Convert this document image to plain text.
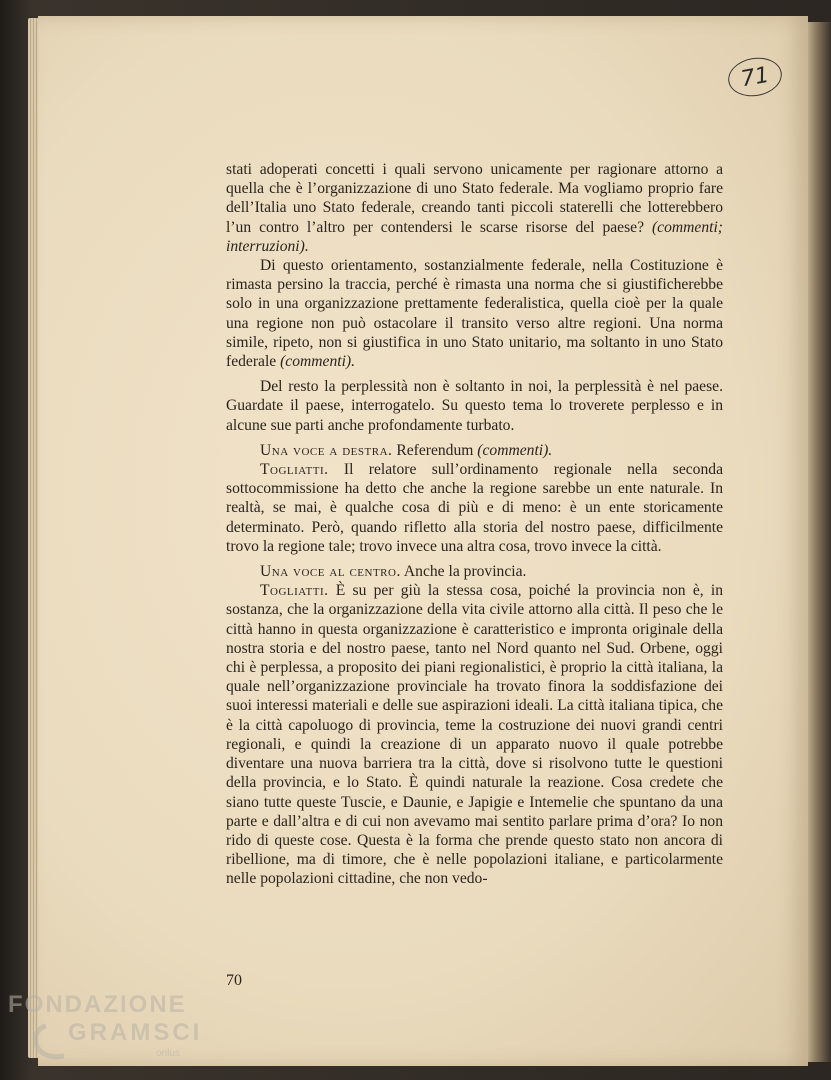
71

stati adoperati concetti i quali servono unicamente per ragionare attorno a quella che è l’organizzazione di uno Stato federale. Ma vogliamo proprio fare dell’Italia uno Stato federale, creando tanti piccoli staterelli che lotterebbero l’un contro l’altro per contendersi le scarse risorse del paese? (commenti; interruzioni).

Di questo orientamento, sostanzialmente federale, nella Costituzione è rimasta persino la traccia, perché è rimasta una norma che si giustificherebbe solo in una organizzazione prettamente federalistica, quella cioè per la quale una regione non può ostacolare il transito verso altre regioni. Una norma simile, ripeto, non si giustifica in uno Stato unitario, ma soltanto in uno Stato federale (commenti).

Del resto la perplessità non è soltanto in noi, la perplessità è nel paese. Guardate il paese, interrogatelo. Su questo tema lo troverete perplesso e in alcune sue parti anche profondamente turbato.

Una voce a destra. Referendum (commenti).

Togliatti. Il relatore sull’ordinamento regionale nella seconda sottocommissione ha detto che anche la regione sarebbe un ente naturale. In realtà, se mai, è qualche cosa di più e di meno: è un ente storicamente determinato. Però, quando rifletto alla storia del nostro paese, difficilmente trovo la regione tale; trovo invece una altra cosa, trovo invece la città.

Una voce al centro. Anche la provincia.

Togliatti. È su per giù la stessa cosa, poiché la provincia non è, in sostanza, che la organizzazione della vita civile attorno alla città. Il peso che le città hanno in questa organizzazione è caratteristico e impronta originale della nostra storia e del nostro paese, tanto nel Nord quanto nel Sud. Orbene, oggi chi è perplessa, a proposito dei piani regionalistici, è proprio la città italiana, la quale nell’organizzazione provinciale ha trovato finora la soddisfazione dei suoi interessi materiali e delle sue aspirazioni ideali. La città italiana tipica, che è la città capoluogo di provincia, teme la costruzione dei nuovi grandi centri regionali, e quindi la creazione di un apparato nuovo il quale potrebbe diventare una nuova barriera tra la città, dove si risolvono tutte le questioni della provincia, e lo Stato. È quindi naturale la reazione. Cosa credete che siano tutte queste Tuscie, e Daunie, e Japigie e Intemelie che spuntano da una parte e dall’altra e di cui non avevamo mai sentito parlare prima d’ora? Io non rido di queste cose. Questa è la forma che prende questo stato non ancora di ribellione, ma di timore, che è nelle popolazioni italiane, e particolarmente nelle popolazioni cittadine, che non vedo-

70
FONDAZIONE
GRAMSCI
onlus
